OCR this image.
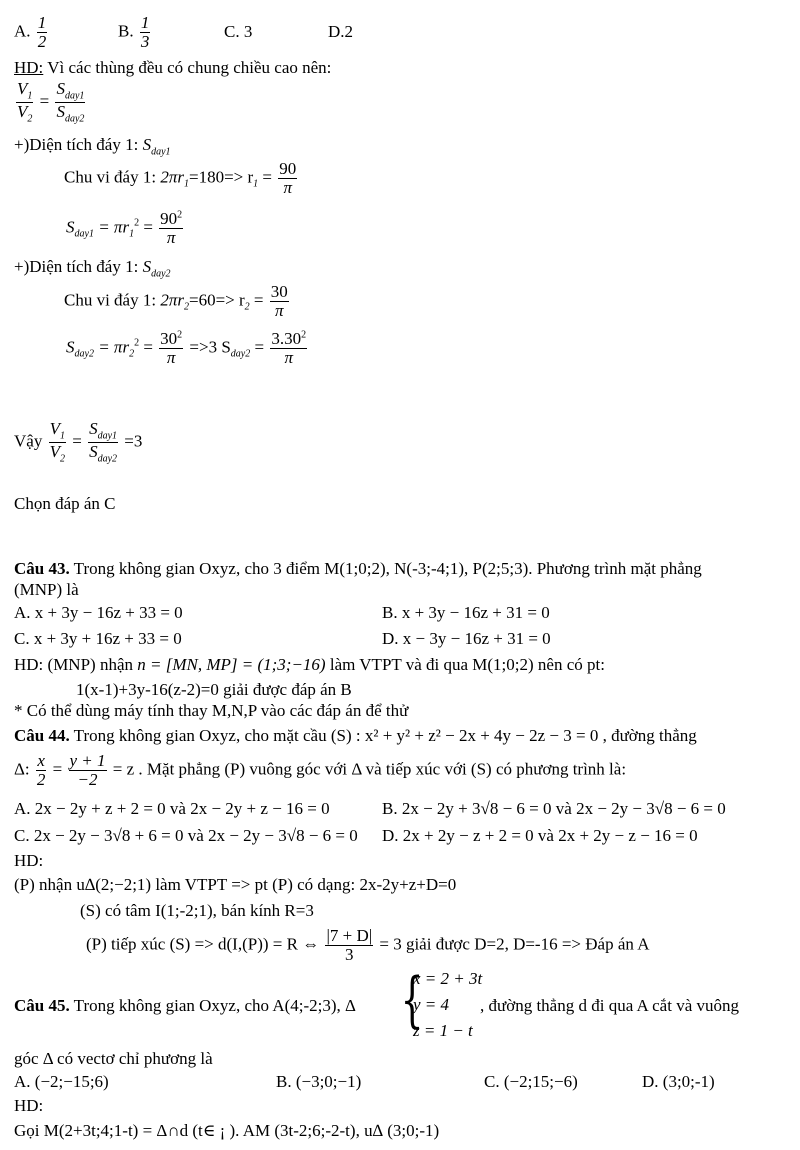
A. $\frac{1}{2}$	B. $\frac{1}{3}$	C. 3	D.2
HD: Vì các thùng đều có chung chiều cao nên:
$\frac{V_1}{V_2} = \frac{S_{day1}}{S_{day2}}$
+)Diện tích đáy 1: $S_{day1}$
Chu vi đáy 1: $2\pi r_1=180=> r_1 = \frac{90}{\pi}$
$S_{day1} = \pi r_1^2 = \frac{90^2}{\pi}$
+)Diện tích đáy 1: $S_{day2}$
Chu vi đáy 1: $2\pi r_2=60=> r_2 = \frac{30}{\pi}$
$S_{day2} = \pi r_2^2 = \frac{30^2}{\pi} =>3$ $S_{day2} = \frac{3.30^2}{\pi}$
Vậy $\frac{V_1}{V_2} = \frac{S_{day1}}{S_{day2}} =3$
Chọn đáp án C
Câu 43. Trong không gian Oxyz, cho 3 điểm M(1;0;2), N(-3;-4;1), P(2;5;3). Phương trình mặt phẳng
(MNP) là
A. x + 3y − 16z + 33 = 0	B. x + 3y − 16z + 31 = 0
C. x + 3y + 16z + 33 = 0	D. x − 3y − 16z + 31 = 0
HD: (MNP) nhận n = [MN, MP] = (1;3;−16) làm VTPT và đi qua M(1;0;2) nên có pt:
1(x-1)+3y-16(z-2)=0 giải được đáp án B
* Có thể dùng máy tính thay M,N,P vào các đáp án để thử
Câu 44. Trong không gian Oxyz, cho mặt cầu (S) : x² + y² + z² − 2x + 4y − 2z − 3 = 0 , đường thẳng
Δ: $\frac{x}{2} = \frac{y + 1}{-2} = z$ . Mặt phẳng (P) vuông góc với Δ và tiếp xúc với (S) có phương trình là:
A. 2x − 2y + z + 2 = 0 và 2x − 2y + z − 16 = 0	B. 2x − 2y + 3√8 − 6 = 0 và 2x − 2y − 3√8 − 6 = 0
C. 2x − 2y − 3√8 + 6 = 0 và 2x − 2y − 3√8 − 6 = 0 D. 2x + 2y − z + 2 = 0 và 2x + 2y − z − 16 = 0
HD:
(P) nhận u∆(2;−2;1) làm VTPT => pt (P) có dạng: 2x-2y+z+D=0
(S) có tâm I(1;-2;1), bán kính R=3
(P) tiếp xúc (S) => d(I,(P)) = R ⇔ $\frac{|7 + D|}{3} = 3$ giải được D=2, D=-16 => Đáp án A
Câu 45. Trong không gian Oxyz, cho A(4;-2;3), Δ {
x = 2 + 3t
y = 4
z = 1 − t
, đường thẳng d đi qua A cắt và vuông
góc Δ có vectơ chỉ phương là
A. (−2;−15;6)	B. (−3;0;−1)	C. (−2;15;−6)	D. (3;0;-1)
HD:
Gọi M(2+3t;4;1-t) = Δ∩d (t∈ ¡ ). AM (3t-2;6;-2-t), u∆ (3;0;-1)
